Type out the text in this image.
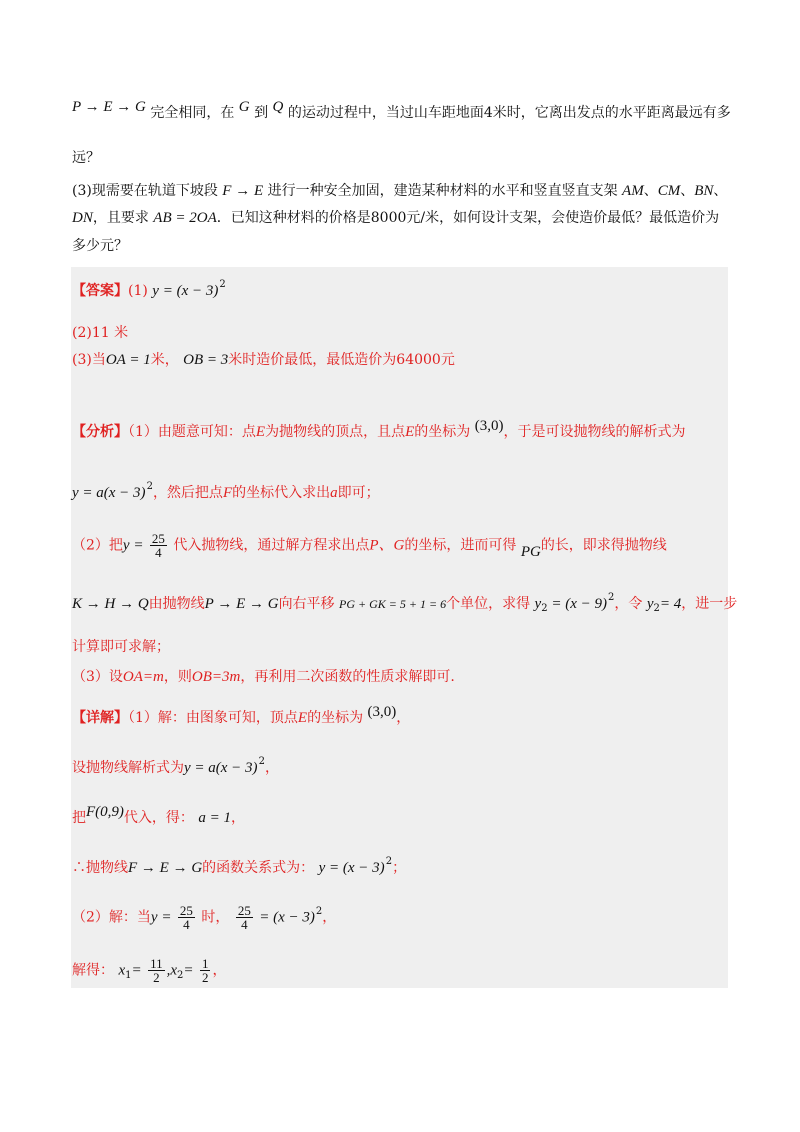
P → E → G 完全相同，在 G 到 Q 的运动过程中，当过山车距地面4米时，它离出发点的水平距离最远有多
远？
(3)现需要在轨道下坡段 F → E 进行一种安全加固，建造某种材料的水平和竖直竖直支架 AM、CM、BN、
DN，且要求 AB = 2OA．已知这种材料的价格是8000元/米，如何设计支架，会使造价最低？最低造价为
多少元？
【答案】(1) $y = (x - 3)^2$
(2)11 米
(3)当OA = 1米， OB = 3米时造价最低，最低造价为64000元
【分析】（1）由题意可知：点E为抛物线的顶点，且点E的坐标为 (3,0)，于是可设抛物线的解析式为
$y = a(x - 3)^2$，然后把点F的坐标代入求出a即可；
（2）把$y = \frac{25}{4}$ 代入抛物线，通过解方程求出点P、G的坐标，进而可得 PG的长，即求得抛物线
K → H → Q由抛物线P → E → G向右平移 PG + GK = 5 + 1 = 6个单位，求得 $y_2 = (x - 9)^2$，令 $y_2= 4$，进一步
计算即可求解；
（3）设OA=m，则OB=3m，再利用二次函数的性质求解即可.
【详解】（1）解：由图象可知，顶点E的坐标为 (3,0)，
设抛物线解析式为$y = a(x - 3)^2$，
把F(0,9)代入，得： a = 1，
∴抛物线F → E → G的函数关系式为： $y = (x - 3)^2$；
（2）解：当$y = \frac{25}{4}$ 时， $\frac{25}{4} = (x - 3)^2$，
解得： $x_1= \frac{11}{2} ,x_2= \frac{1}{2}$ ，
